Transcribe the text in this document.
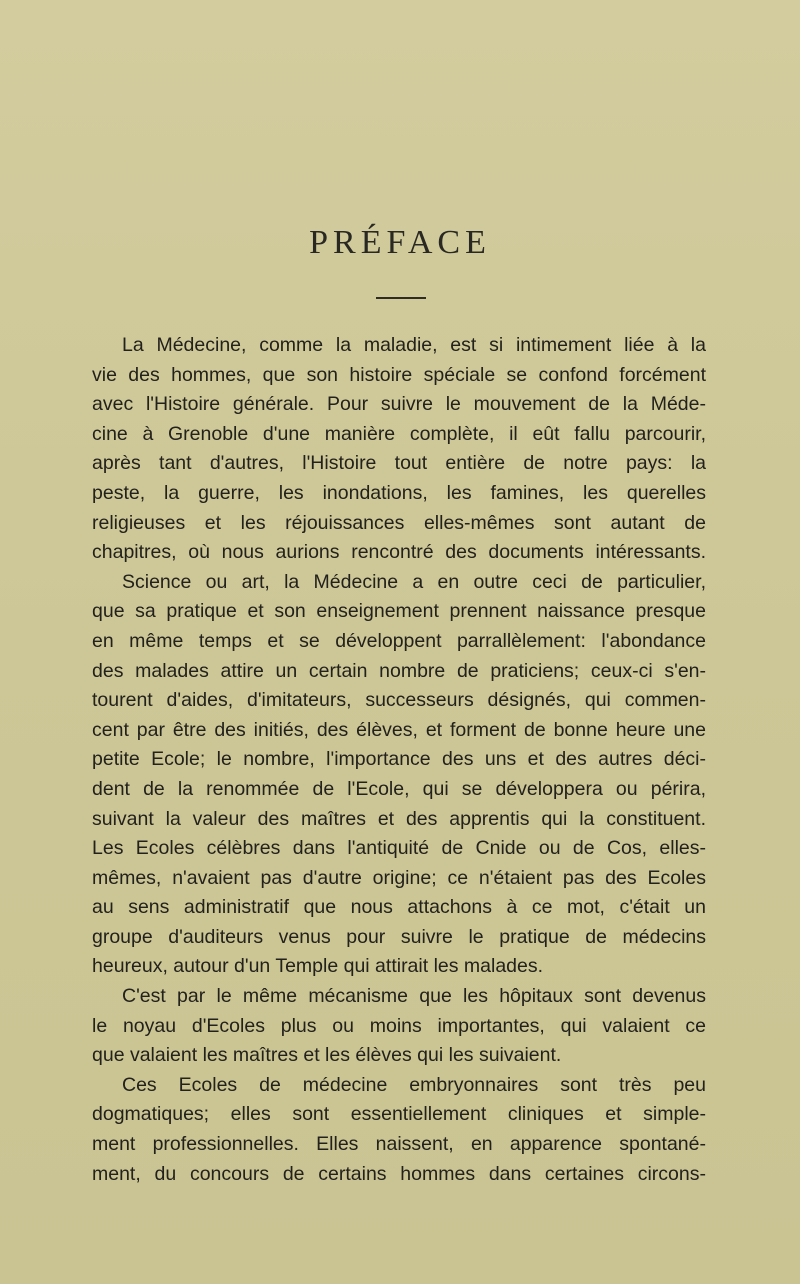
PRÉFACE
La Médecine, comme la maladie, est si intimement liée à la
vie des hommes, que son histoire spéciale se confond forcément
avec l'Histoire générale. Pour suivre le mouvement de la Méde-
cine à Grenoble d'une manière complète, il eût fallu parcourir,
après tant d'autres, l'Histoire tout entière de notre pays: la
peste, la guerre, les inondations, les famines, les querelles
religieuses et les réjouissances elles-mêmes sont autant de
chapitres, où nous aurions rencontré des documents intéressants.
Science ou art, la Médecine a en outre ceci de particulier,
que sa pratique et son enseignement prennent naissance presque
en même temps et se développent parrallèlement: l'abondance
des malades attire un certain nombre de praticiens; ceux-ci s'en-
tourent d'aides, d'imitateurs, successeurs désignés, qui commen-
cent par être des initiés, des élèves, et forment de bonne heure une
petite Ecole; le nombre, l'importance des uns et des autres déci-
dent de la renommée de l'Ecole, qui se développera ou périra,
suivant la valeur des maîtres et des apprentis qui la constituent.
Les Ecoles célèbres dans l'antiquité de Cnide ou de Cos, elles-
mêmes, n'avaient pas d'autre origine; ce n'étaient pas des Ecoles
au sens administratif que nous attachons à ce mot, c'était un
groupe d'auditeurs venus pour suivre le pratique de médecins
heureux, autour d'un Temple qui attirait les malades.
C'est par le même mécanisme que les hôpitaux sont devenus
le noyau d'Ecoles plus ou moins importantes, qui valaient ce
que valaient les maîtres et les élèves qui les suivaient.
Ces Ecoles de médecine embryonnaires sont très peu
dogmatiques; elles sont essentiellement cliniques et simple-
ment professionnelles. Elles naissent, en apparence spontané-
ment, du concours de certains hommes dans certaines circons-
